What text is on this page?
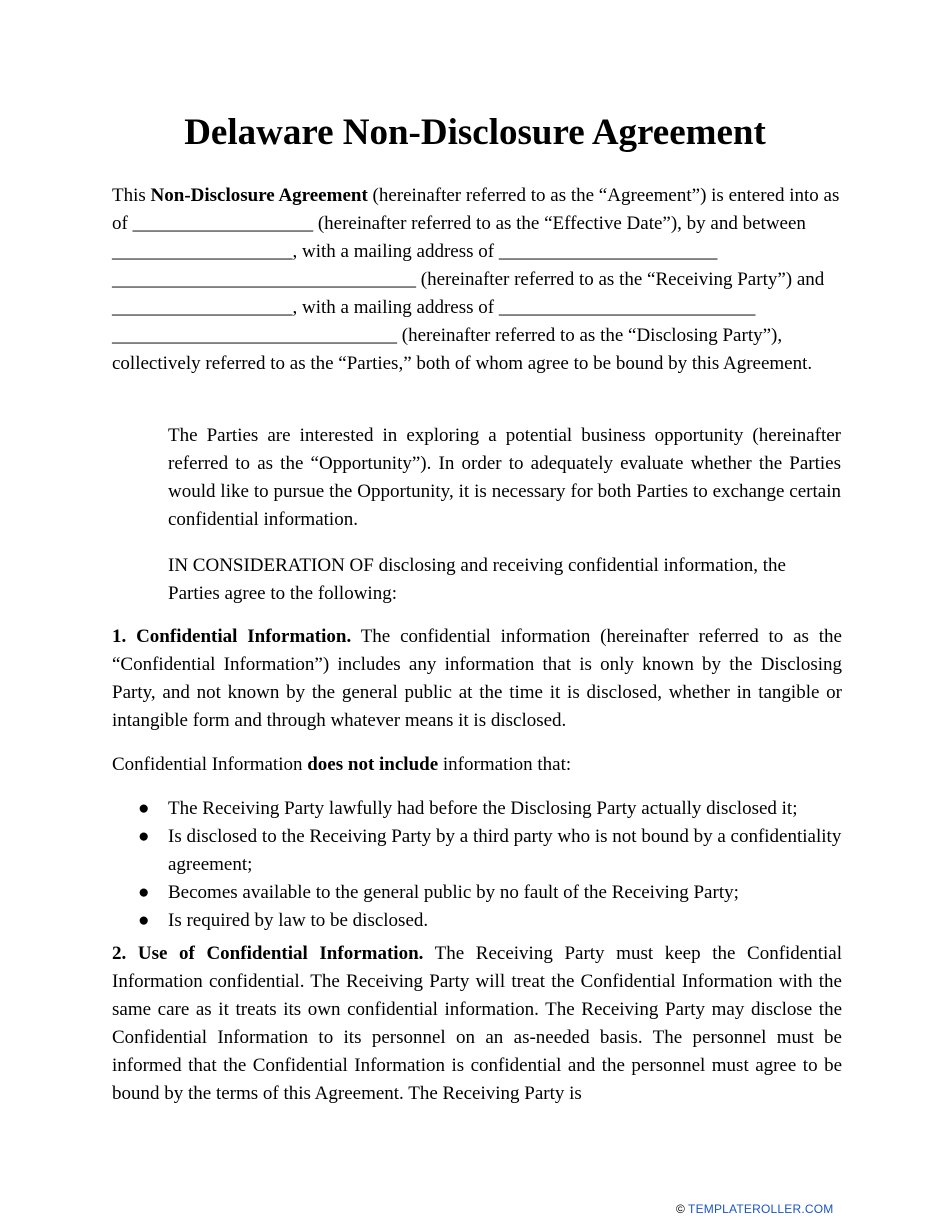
Delaware Non-Disclosure Agreement

This Non-Disclosure Agreement (hereinafter referred to as the “Agreement”) is entered into as of ___________________ (hereinafter referred to as the “Effective Date”), by and between ___________________, with a mailing address of _______________________ ________________________________ (hereinafter referred to as the “Receiving Party”) and ___________________, with a mailing address of ___________________________ ______________________________ (hereinafter referred to as the “Disclosing Party”), collectively referred to as the “Parties,” both of whom agree to be bound by this Agreement.

The Parties are interested in exploring a potential business opportunity (hereinafter referred to as the “Opportunity”). In order to adequately evaluate whether the Parties would like to pursue the Opportunity, it is necessary for both Parties to exchange certain confidential information.

IN CONSIDERATION OF disclosing and receiving confidential information, the Parties agree to the following:

1. Confidential Information. The confidential information (hereinafter referred to as the “Confidential Information”) includes any information that is only known by the Disclosing Party, and not known by the general public at the time it is disclosed, whether in tangible or intangible form and through whatever means it is disclosed.

Confidential Information does not include information that:

● The Receiving Party lawfully had before the Disclosing Party actually disclosed it;
● Is disclosed to the Receiving Party by a third party who is not bound by a confidentiality agreement;
● Becomes available to the general public by no fault of the Receiving Party;
● Is required by law to be disclosed.

2. Use of Confidential Information. The Receiving Party must keep the Confidential Information confidential. The Receiving Party will treat the Confidential Information with the same care as it treats its own confidential information. The Receiving Party may disclose the Confidential Information to its personnel on an as-needed basis. The personnel must be informed that the Confidential Information is confidential and the personnel must agree to be bound by the terms of this Agreement. The Receiving Party is

© TEMPLATEROLLER.COM
